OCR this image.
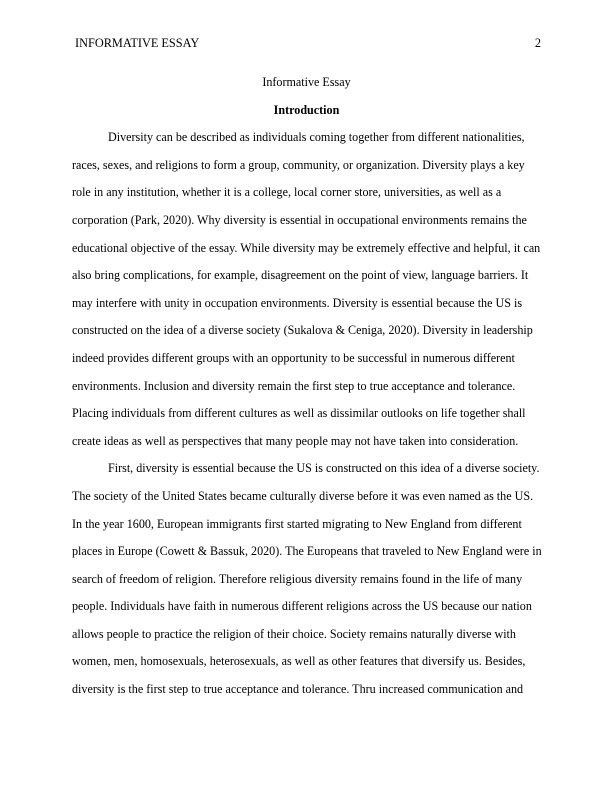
INFORMATIVE ESSAY	2

Informative Essay

Introduction

Diversity can be described as individuals coming together from different nationalities,
races, sexes, and religions to form a group, community, or organization. Diversity plays a key
role in any institution, whether it is a college, local corner store, universities, as well as a
corporation (Park, 2020). Why diversity is essential in occupational environments remains the
educational objective of the essay. While diversity may be extremely effective and helpful, it can
also bring complications, for example, disagreement on the point of view, language barriers. It
may interfere with unity in occupation environments. Diversity is essential because the US is
constructed on the idea of a diverse society (Sukalova & Ceniga, 2020). Diversity in leadership
indeed provides different groups with an opportunity to be successful in numerous different
environments. Inclusion and diversity remain the first step to true acceptance and tolerance.
Placing individuals from different cultures as well as dissimilar outlooks on life together shall
create ideas as well as perspectives that many people may not have taken into consideration.
First, diversity is essential because the US is constructed on this idea of a diverse society.
The society of the United States became culturally diverse before it was even named as the US.
In the year 1600, European immigrants first started migrating to New England from different
places in Europe (Cowett & Bassuk, 2020). The Europeans that traveled to New England were in
search of freedom of religion. Therefore religious diversity remains found in the life of many
people. Individuals have faith in numerous different religions across the US because our nation
allows people to practice the religion of their choice. Society remains naturally diverse with
women, men, homosexuals, heterosexuals, as well as other features that diversify us. Besides,
diversity is the first step to true acceptance and tolerance. Thru increased communication and
